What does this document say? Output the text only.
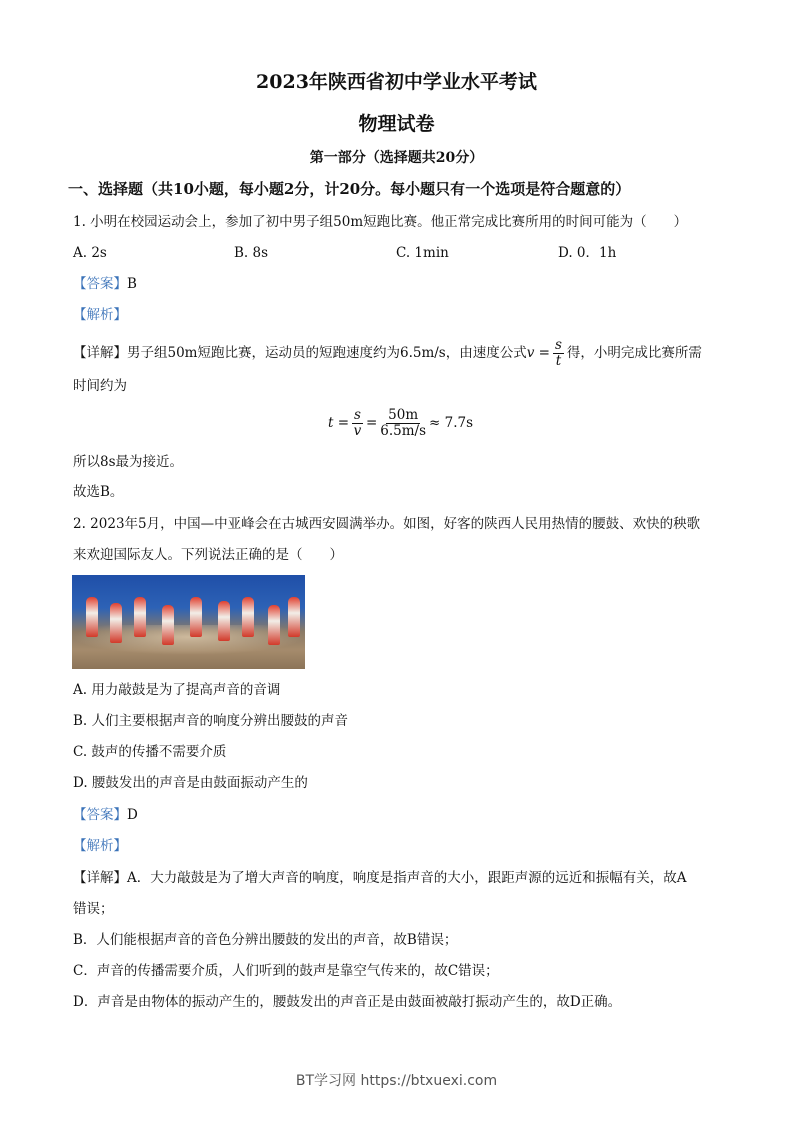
2023年陕西省初中学业水平考试
物理试卷
第一部分（选择题共20分）
一、选择题（共10小题，每小题2分，计20分。每小题只有一个选项是符合题意的）
1. 小明在校园运动会上，参加了初中男子组50m短跑比赛。他正常完成比赛所用的时间可能为（　　）
A. 2s	B. 8s	C. 1min	D. 0．1h
【答案】B
【解析】
【详解】男子组50m短跑比赛，运动员的短跑速度约为6.5m/s，由速度公式$v = \frac{s}{t}$ 得，小明完成比赛所需
时间约为
$t = \frac{s}{v} = \frac{50m}{6.5m/s} \approx 7.7s$
所以8s最为接近。
故选B。
2. 2023年5月，中国—中亚峰会在古城西安圆满举办。如图，好客的陕西人民用热情的腰鼓、欢快的秧歌
来欢迎国际友人。下列说法正确的是（　　）
A. 用力敲鼓是为了提高声音的音调
B. 人们主要根据声音的响度分辨出腰鼓的声音
C. 鼓声的传播不需要介质
D. 腰鼓发出的声音是由鼓面振动产生的
【答案】D
【解析】
【详解】A．大力敲鼓是为了增大声音的响度，响度是指声音的大小，跟距声源的远近和振幅有关，故A
错误；
B．人们能根据声音的音色分辨出腰鼓的发出的声音，故B错误；
C．声音的传播需要介质，人们听到的鼓声是靠空气传来的，故C错误；
D．声音是由物体的振动产生的，腰鼓发出的声音正是由鼓面被敲打振动产生的，故D正确。
BT学习网 https://btxuexi.com
